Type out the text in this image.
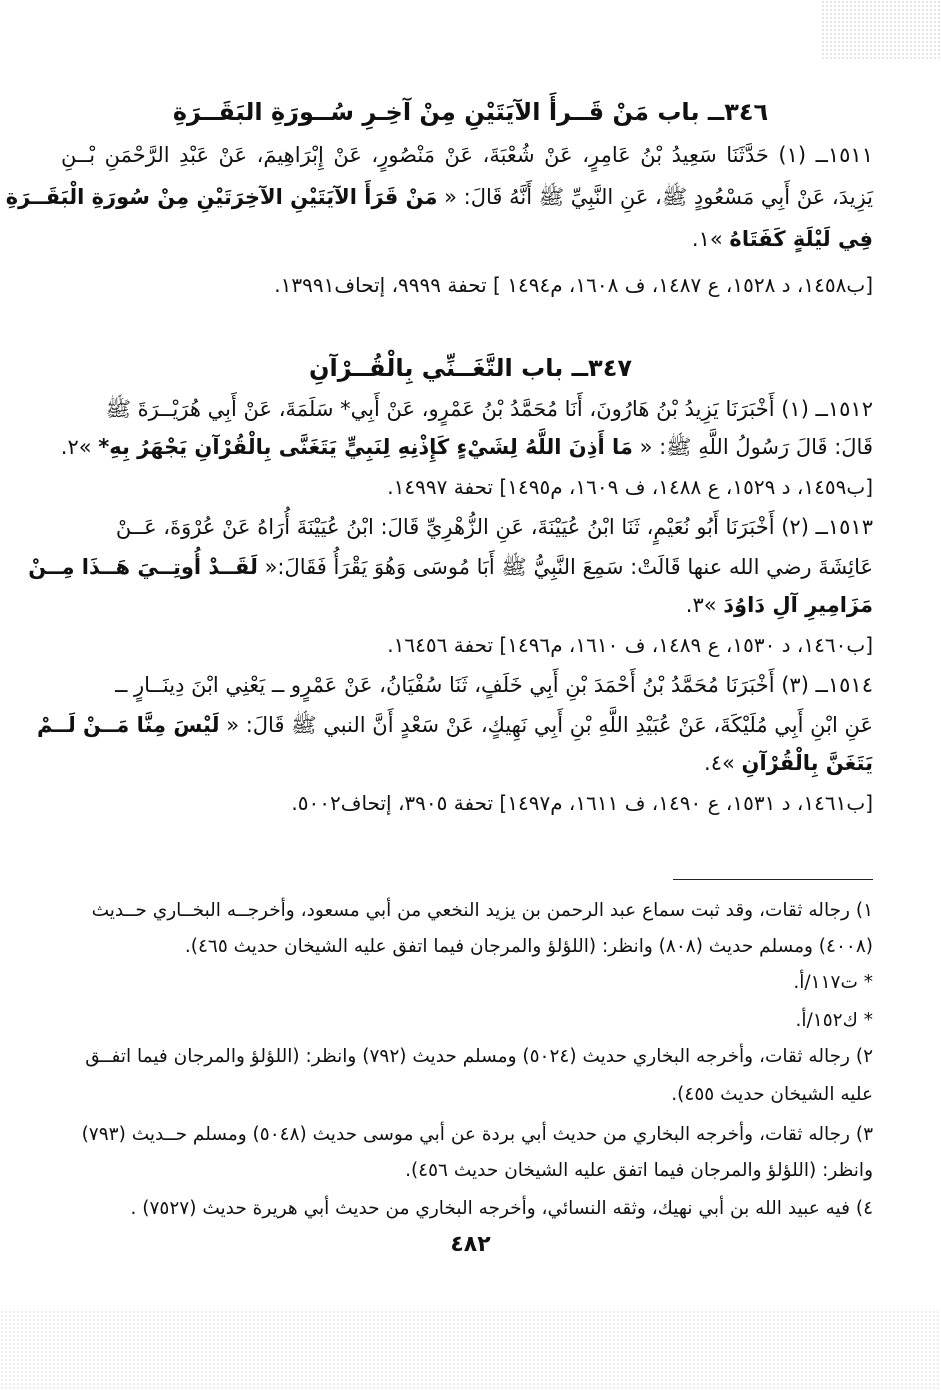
٣٤٦ــ باب مَنْ قَــرأَ الآيَتَيْنِ مِنْ آخِـرِ سُــورَةِ البَقَــرَةِ
١٥١١ــ (١) حَدَّثَنَا سَعِيدُ بْنُ عَامِرٍ، عَنْ شُعْبَةَ، عَنْ مَنْصُورٍ، عَنْ إِبْرَاهِيمَ، عَنْ عَبْدِ الرَّحْمَنِ بْــنِ
يَزِيدَ، عَنْ أَبِي مَسْعُودٍ ﷺ، عَنِ النَّبِيِّ ﷺ أَنَّهُ قَالَ: « مَنْ قَرَأَ الآيَتَيْنِ الآخِرَتَيْنِ مِنْ سُورَةِ الْبَقَــرَةِ
فِي لَيْلَةٍ كَفَتَاهُ »١.
[ب١٤٥٨، د ١٥٢٨، ع ١٤٨٧، ف ١٦٠٨، م١٤٩٤ ] تحفة ٩٩٩٩، إتحاف١٣٩٩١.
٣٤٧ــ باب التَّغَــنِّي بِالْقُــرْآنِ
١٥١٢ــ (١) أَخْبَرَنَا يَزِيدُ بْنُ هَارُونَ، أَنَا مُحَمَّدُ بْنُ عَمْرٍو، عَنْ أَبِي* سَلَمَةَ، عَنْ أَبِي هُرَيْــرَةَ ﷺ
قَالَ: قَالَ رَسُولُ اللَّهِ ﷺ: « مَا أَذِنَ اللَّهُ لِشَيْءٍ كَإِذْنِهِ لِنَبِيٍّ يَتَغَنَّى بِالْقُرْآنِ يَجْهَرُ بِهِ* »٢.
[ب١٤٥٩، د ١٥٢٩، ع ١٤٨٨، ف ١٦٠٩، م١٤٩٥] تحفة ١٤٩٩٧.
١٥١٣ــ (٢) أَخْبَرَنَا أَبُو نُعَيْمٍ، ثَنَا ابْنُ عُيَيْنَةَ، عَنِ الزُّهْرِيِّ قَالَ: ابْنُ عُيَيْنَةَ أُرَاهُ عَنْ عُرْوَةَ، عَــنْ
عَائِشَةَ رضي الله عنها قَالَتْ: سَمِعَ النَّبِيُّ ﷺ أَبَا مُوسَى وَهُوَ يَقْرَأُ فَقَالَ:« لَقَــدْ أُوتِــيَ هَــذَا مِــنْ
مَزَامِيرِ آلِ دَاوُدَ »٣.
[ب١٤٦٠، د ١٥٣٠، ع ١٤٨٩، ف ١٦١٠، م١٤٩٦] تحفة ١٦٤٥٦.
١٥١٤ــ (٣) أَخْبَرَنَا مُحَمَّدُ بْنُ أَحْمَدَ بْنِ أَبِي خَلَفٍ، ثَنَا سُفْيَانُ، عَنْ عَمْرٍو ــ يَعْنِي ابْنَ دِينَــارٍ ــ
عَنِ ابْنِ أَبِي مُلَيْكَةَ، عَنْ عُبَيْدِ اللَّهِ بْنِ أَبِي نَهِيكٍ، عَنْ سَعْدٍ أَنَّ النبي ﷺ قَالَ: « لَيْسَ مِنَّا مَــنْ لَــمْ
يَتَغَنَّ بِالْقُرْآنِ »٤.
[ب١٤٦١، د ١٥٣١، ع ١٤٩٠، ف ١٦١١، م١٤٩٧] تحفة ٣٩٠٥، إتحاف٥٠٠٢.
١) رجاله ثقات، وقد ثبت سماع عبد الرحمن بن يزيد النخعي من أبي مسعود، وأخرجــه البخــاري حــديث
(٤٠٠٨) ومسلم حديث (٨٠٨) وانظر: (اللؤلؤ والمرجان فيما اتفق عليه الشيخان حديث ٤٦٥).
* ت١١٧/أ.
* ك١٥٢/أ.
٢) رجاله ثقات، وأخرجه البخاري حديث (٥٠٢٤) ومسلم حديث (٧٩٢) وانظر: (اللؤلؤ والمرجان فيما اتفــق
عليه الشيخان حديث ٤٥٥).
٣) رجاله ثقات، وأخرجه البخاري من حديث أبي بردة عن أبي موسى حديث (٥٠٤٨) ومسلم حــديث (٧٩٣)
وانظر: (اللؤلؤ والمرجان فيما اتفق عليه الشيخان حديث ٤٥٦).
٤) فيه عبيد الله بن أبي نهيك، وثقه النسائي، وأخرجه البخاري من حديث أبي هريرة حديث (٧٥٢٧) .
٤٨٢
